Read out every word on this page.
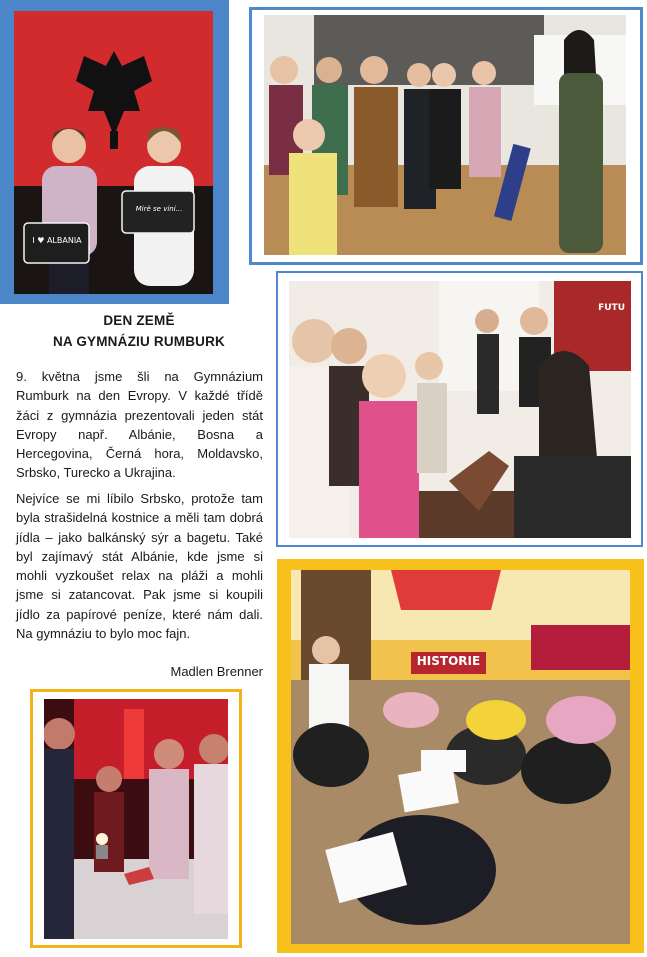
I ♥ ALBANIA
Mirë se vini...
DEN ZEMĚ
NA GYMNÁZIU RUMBURK

9. května jsme šli na Gymnázium Rumburk na den Evropy. V každé třídě žáci z gymnázia prezentovali jeden stát Evropy např. Albánie, Bosna a Hercegovina, Černá hora, Moldavsko, Srbsko, Turecko a Ukrajina.

Nejvíce se mi líbilo Srbsko, protože tam byla strašidelná kostnice a měli tam dobrá jídla – jako balkánský sýr a bagetu. Také byl zajímavý stát Albánie, kde jsme si mohli vyzkoušet relax na pláži a mohli jsme si zatancovat. Pak jsme si koupili jídlo za papírové peníze, které nám dali. Na gymnáziu to bylo moc fajn.

Madlen Brenner
FUTU
HISTORIE
